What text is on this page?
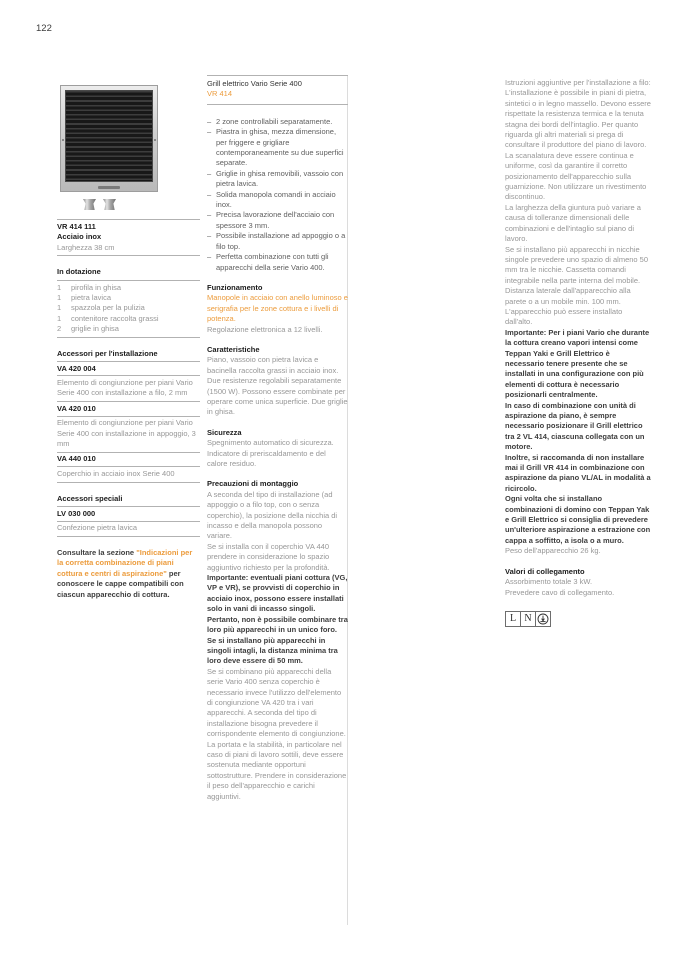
122
VR 414 111
Acciaio inox
Larghezza 38 cm
In dotazione
1	pirofila in ghisa
1	pietra lavica
1	spazzola per la pulizia
1	contenitore raccolta grassi
2	griglie in ghisa
Accessori per l'installazione
VA 420 004
Elemento di congiunzione per piani Vario Serie 400 con installazione a filo, 2 mm
VA 420 010
Elemento di congiunzione per piani Vario Serie 400 con installazione in appoggio, 3 mm
VA 440 010
Coperchio in acciaio inox Serie 400
Accessori speciali
LV 030 000
Confezione pietra lavica

Consultare la sezione "Indicazioni per la corretta combinazione di piani cottura e centri di aspirazione" per conoscere le cappe compatibili con ciascun apparecchio di cottura.

Grill elettrico Vario Serie 400
VR 414
– 2 zone controllabili separatamente.
– Piastra in ghisa, mezza dimensione, per friggere e grigliare contemporaneamente su due superfici separate.
– Griglie in ghisa removibili, vassoio con pietra lavica.
– Solida manopola comandi in acciaio inox.
– Precisa lavorazione dell'acciaio con spessore 3 mm.
– Possibile installazione ad appoggio o a filo top.
– Perfetta combinazione con tutti gli apparecchi della serie Vario 400.
Funzionamento

Manopole in acciaio con anello luminoso e serigrafia per le zone cottura e i livelli di potenza.

Regolazione elettronica a 12 livelli.

Caratteristiche

Piano, vassoio con pietra lavica e bacinella raccolta grassi in acciaio inox. Due resistenze regolabili separatamente (1500 W). Possono essere combinate per operare come unica superficie. Due griglie in ghisa.

Sicurezza

Spegnimento automatico di sicurezza. Indicatore di preriscaldamento e del calore residuo.

Precauzioni di montaggio

A seconda del tipo di installazione (ad appoggio o a filo top, con o senza coperchio), la posizione della nicchia di incasso e della manopola possono variare.

Se si installa con il coperchio VA 440 prendere in considerazione lo spazio aggiuntivo richiesto per la profondità.

Importante: eventuali piani cottura (VG, VP e VR), se provvisti di coperchio in acciaio inox, possono essere installati solo in vani di incasso singoli. Pertanto, non è possibile combinare tra loro più apparecchi in un unico foro. Se si installano più apparecchi in singoli intagli, la distanza minima tra loro deve essere di 50 mm.

Se si combinano più apparecchi della serie Vario 400 senza coperchio è necessario invece l'utilizzo dell'elemento di congiunzione VA 420 tra i vari apparecchi. A seconda del tipo di installazione bisogna prevedere il corrispondente elemento di congiunzione.

La portata e la stabilità, in particolare nel caso di piani di lavoro sottili, deve essere sostenuta mediante opportuni sottostrutture. Prendere in considerazione il peso dell'apparecchio e carichi aggiuntivi.

Istruzioni aggiuntive per l'installazione a filo:

L'installazione è possibile in piani di pietra, sintetici o in legno massello. Devono essere rispettate la resistenza termica e la tenuta stagna dei bordi dell'intaglio. Per quanto riguarda gli altri materiali si prega di consultare il produttore del piano di lavoro.

La scanalatura deve essere continua e uniforme, così da garantire il corretto posizionamento dell'apparecchio sulla guarnizione. Non utilizzare un rivestimento discontinuo.

La larghezza della giuntura può variare a causa di tolleranze dimensionali delle combinazioni e dell'intaglio sul piano di lavoro.

Se si installano più apparecchi in nicchie singole prevedere uno spazio di almeno 50 mm tra le nicchie. Cassetta comandi integrabile nella parte interna del mobile.

Distanza laterale dall'apparecchio alla parete o a un mobile min. 100 mm.

L'apparecchio può essere installato dall'alto.

Importante: Per i piani Vario che durante la cottura creano vapori intensi come Teppan Yaki e Grill Elettrico è necessario tenere presente che se installati in una configurazione con più elementi di cottura è necessario posizionarli centralmente.

In caso di combinazione con unità di aspirazione da piano, è sempre necessario posizionare il Grill elettrico tra 2 VL 414, ciascuna collegata con un motore.

Inoltre, si raccomanda di non installare mai il Grill VR 414 in combinazione con aspirazione da piano VL/AL in modalità a ricircolo.

Ogni volta che si installano combinazioni di domino con Teppan Yak e Grill Elettrico si consiglia di prevedere un'ulteriore aspirazione a estrazione con cappa a soffitto, a isola o a muro.

Peso dell'apparecchio 26 kg.

Valori di collegamento

Assorbimento totale 3 kW.

Prevedere cavo di collegamento.

L N
